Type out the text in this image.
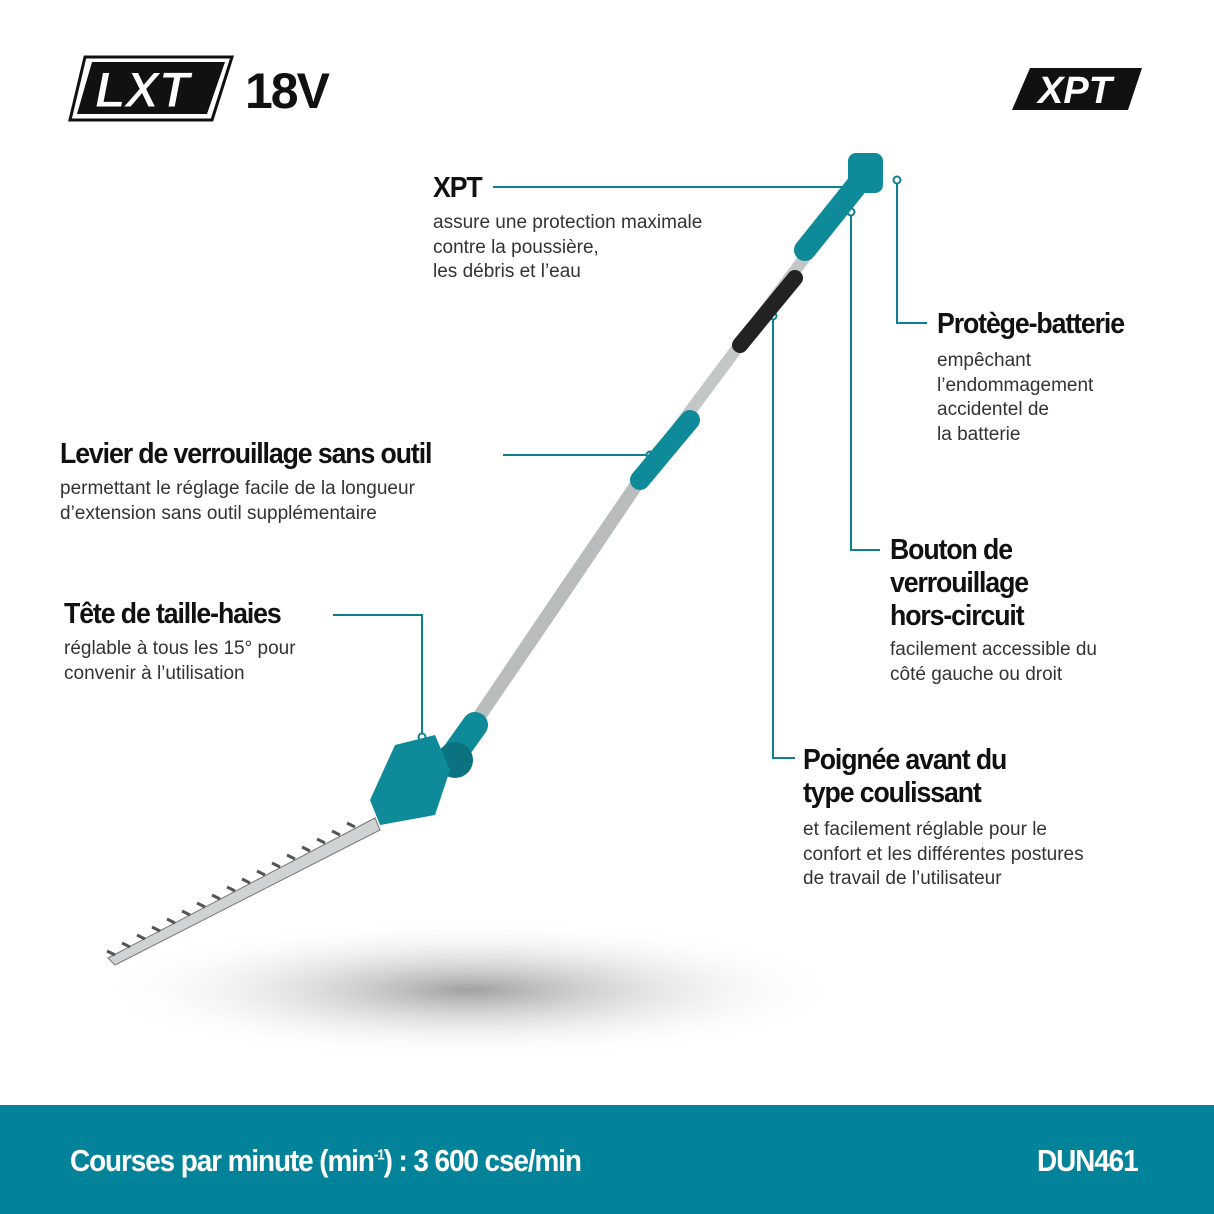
LXT 18V	XPT
XPT
assure une protection maximale
contre la poussière,
les débris et l’eau
Protège-batterie
empêchant
l’endommagement
accidentel de
la batterie
Levier de verrouillage sans outil
permettant le réglage facile de la longueur
d’extension sans outil supplémentaire
Bouton de
verrouillage
hors-circuit
facilement accessible du
côté gauche ou droit
Tête de taille-haies
réglable à tous les 15° pour
convenir à l’utilisation
Poignée avant du
type coulissant
et facilement réglable pour le
confort et les différentes postures
de travail de l’utilisateur
Courses par minute $(\min^{-1})$ : 3 600 cse/min	DUN461
